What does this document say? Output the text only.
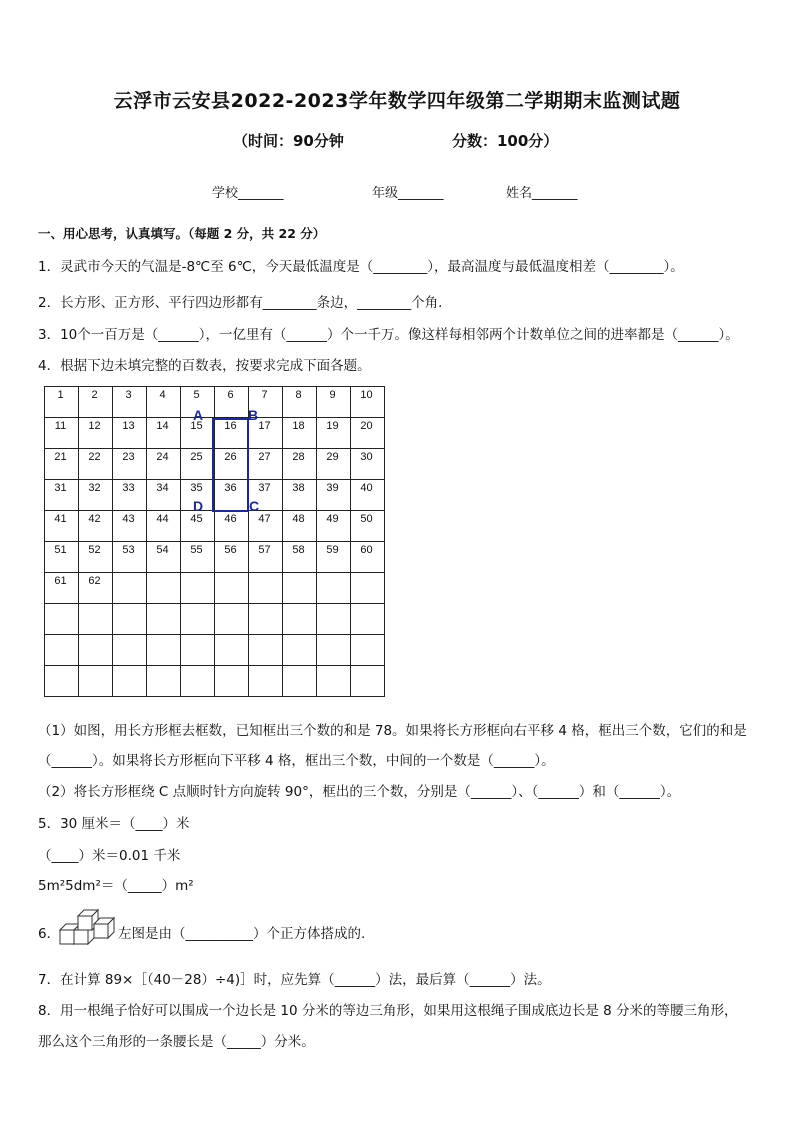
云浮市云安县2022-2023学年数学四年级第二学期期末监测试题
（时间：90分钟	分数：100分）
学校_______	年级_______	姓名_______
一、用心思考，认真填写。（每题 2 分，共 22 分）
1．灵武市今天的气温是-8℃至 6℃，今天最低温度是（________），最高温度与最低温度相差（________）。
2．长方形、正方形、平行四边形都有________条边，________个角．
3．10个一百万是（______），一亿里有（______）个一千万。像这样每相邻两个计数单位之间的进率都是（______）。
4．根据下边未填完整的百数表，按要求完成下面各题。
1	2	3	4	5	6	7	8	9	10
11	12	13	14	15	16	17	18	19	20
21	22	23	24	25	26	27	28	29	30
31	32	33	34	35	36	37	38	39	40
41	42	43	44	45	46	47	48	49	50
51	52	53	54	55	56	57	58	59	60
61	62								

A	B
D	C
（1）如图，用长方形框去框数，已知框出三个数的和是 78。如果将长方形框向右平移 4 格，框出三个数，它们的和是
（______）。如果将长方形框向下平移 4 格，框出三个数，中间的一个数是（______）。
（2）将长方形框绕 C 点顺时针方向旋转 90°，框出的三个数，分别是（______）、（______）和（______）。
5．30 厘米＝（____）米
（____）米＝0.01 千米
5m²5dm²＝（_____）m²
6．	左图是由（__________）个正方体搭成的.
7．在计算 89×［（40－28）÷4)］时，应先算（______）法，最后算（______）法。
8．用一根绳子恰好可以围成一个边长是 10 分米的等边三角形，如果用这根绳子围成底边长是 8 分米的等腰三角形，
那么这个三角形的一条腰长是（_____）分米。
